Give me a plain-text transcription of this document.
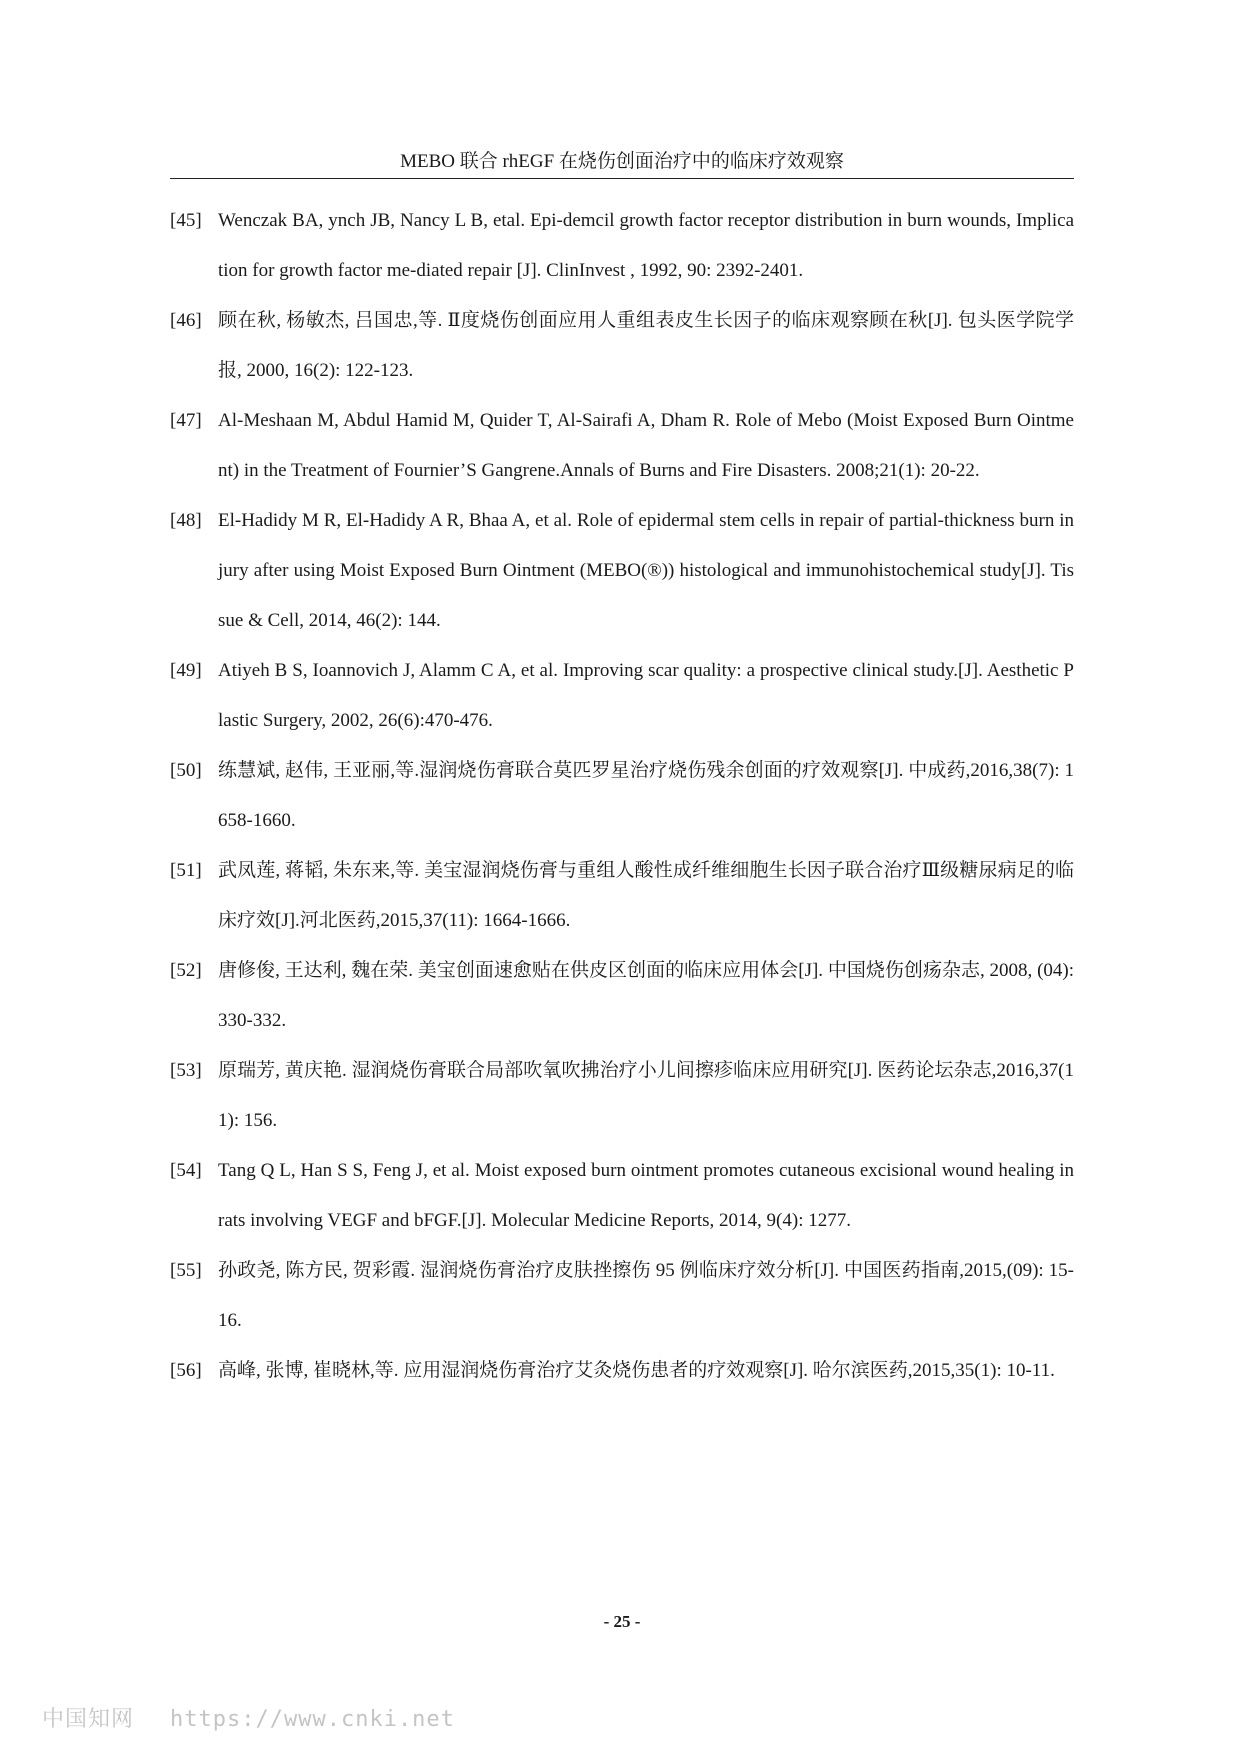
MEBO 联合 rhEGF 在烧伤创面治疗中的临床疗效观察
[45] Wenczak BA, ynch JB, Nancy L B, etal. Epi-demcil growth factor receptor distribution in burn wounds, Implication for growth factor me-diated repair [J]. ClinInvest , 1992, 90: 2392-2401.
[46] 顾在秋, 杨敏杰, 吕国忠,等. Ⅱ度烧伤创面应用人重组表皮生长因子的临床观察顾在秋[J]. 包头医学院学报, 2000, 16(2): 122-123.
[47] Al-Meshaan M, Abdul Hamid M, Quider T, Al-Sairafi A, Dham R. Role of Mebo (Moist Exposed Burn Ointment) in the Treatment of Fournier’S Gangrene.Annals of Burns and Fire Disasters. 2008;21(1): 20-22.
[48] El-Hadidy M R, El-Hadidy A R, Bhaa A, et al. Role of epidermal stem cells in repair of partial-thickness burn injury after using Moist Exposed Burn Ointment (MEBO(®)) histological and immunohistochemical study[J]. Tissue & Cell, 2014, 46(2): 144.
[49] Atiyeh B S, Ioannovich J, Alamm C A, et al. Improving scar quality: a prospective clinical study.[J]. Aesthetic Plastic Surgery, 2002, 26(6):470-476.
[50] 练慧斌, 赵伟, 王亚丽,等.湿润烧伤膏联合莫匹罗星治疗烧伤残余创面的疗效观察[J]. 中成药,2016,38(7): 1658-1660.
[51] 武凤莲, 蒋韬, 朱东来,等. 美宝湿润烧伤膏与重组人酸性成纤维细胞生长因子联合治疗Ⅲ级糖尿病足的临床疗效[J].河北医药,2015,37(11): 1664-1666.
[52] 唐修俊, 王达利, 魏在荣. 美宝创面速愈贴在供皮区创面的临床应用体会[J]. 中国烧伤创疡杂志, 2008, (04): 330-332.
[53] 原瑞芳, 黄庆艳. 湿润烧伤膏联合局部吹氧吹拂治疗小儿间擦疹临床应用研究[J]. 医药论坛杂志,2016,37(11): 156.
[54] Tang Q L, Han S S, Feng J, et al. Moist exposed burn ointment promotes cutaneous excisional wound healing in rats involving VEGF and bFGF.[J]. Molecular Medicine Reports, 2014, 9(4): 1277.
[55] 孙政尧, 陈方民, 贺彩霞. 湿润烧伤膏治疗皮肤挫擦伤 95 例临床疗效分析[J]. 中国医药指南,2015,(09): 15-16.
[56] 高峰, 张博, 崔晓林,等. 应用湿润烧伤膏治疗艾灸烧伤患者的疗效观察[J]. 哈尔滨医药,2015,35(1): 10-11.
- 25 -
中国知网 https://www.cnki.net
